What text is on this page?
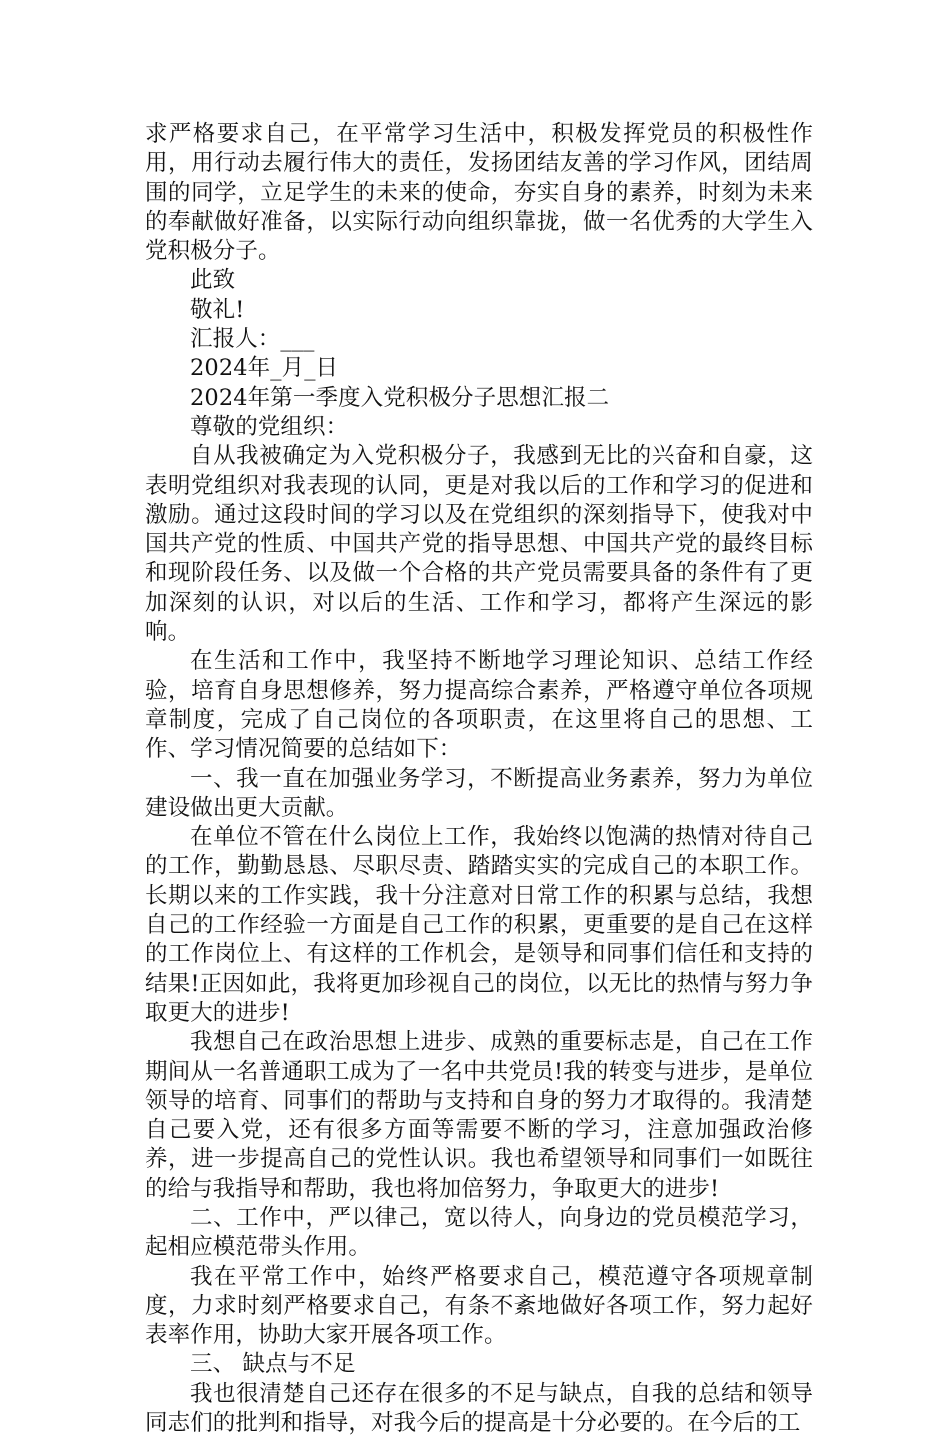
求严格要求自己，在平常学习生活中，积极发挥党员的积极性作用，用行动去履行伟大的责任，发扬团结友善的学习作风，团结周围的同学，立足学生的未来的使命，夯实自身的素养，时刻为未来的奉献做好准备，以实际行动向组织靠拢，做一名优秀的大学生入党积极分子。

此致

敬礼!

汇报人：___

2024年_月_日

2024年第一季度入党积极分子思想汇报二

尊敬的党组织：

自从我被确定为入党积极分子，我感到无比的兴奋和自豪，这表明党组织对我表现的认同，更是对我以后的工作和学习的促进和激励。通过这段时间的学习以及在党组织的深刻指导下，使我对中国共产党的性质、中国共产党的指导思想、中国共产党的最终目标和现阶段任务、以及做一个合格的共产党员需要具备的条件有了更加深刻的认识，对以后的生活、工作和学习，都将产生深远的影响。

在生活和工作中，我坚持不断地学习理论知识、总结工作经验，培育自身思想修养，努力提高综合素养，严格遵守单位各项规章制度，完成了自己岗位的各项职责，在这里将自己的思想、工作、学习情况简要的总结如下：

一、我一直在加强业务学习，不断提高业务素养，努力为单位建设做出更大贡献。

在单位不管在什么岗位上工作，我始终以饱满的热情对待自己的工作，勤勤恳恳、尽职尽责、踏踏实实的完成自己的本职工作。长期以来的工作实践，我十分注意对日常工作的积累与总结，我想自己的工作经验一方面是自己工作的积累，更重要的是自己在这样的工作岗位上、有这样的工作机会，是领导和同事们信任和支持的结果!正因如此，我将更加珍视自己的岗位，以无比的热情与努力争取更大的进步!

我想自己在政治思想上进步、成熟的重要标志是，自己在工作期间从一名普通职工成为了一名中共党员!我的转变与进步，是单位领导的培育、同事们的帮助与支持和自身的努力才取得的。我清楚自己要入党，还有很多方面等需要不断的学习，注意加强政治修养，进一步提高自己的党性认识。我也希望领导和同事们一如既往的给与我指导和帮助，我也将加倍努力，争取更大的进步!

二、工作中，严以律己，宽以待人，向身边的党员模范学习，起相应模范带头作用。

我在平常工作中，始终严格要求自己，模范遵守各项规章制度，力求时刻严格要求自己，有条不紊地做好各项工作，努力起好表率作用，协助大家开展各项工作。

三、 缺点与不足

我也很清楚自己还存在很多的不足与缺点，自我的总结和领导同志们的批判和指导，对我今后的提高是十分必要的。在今后的工
